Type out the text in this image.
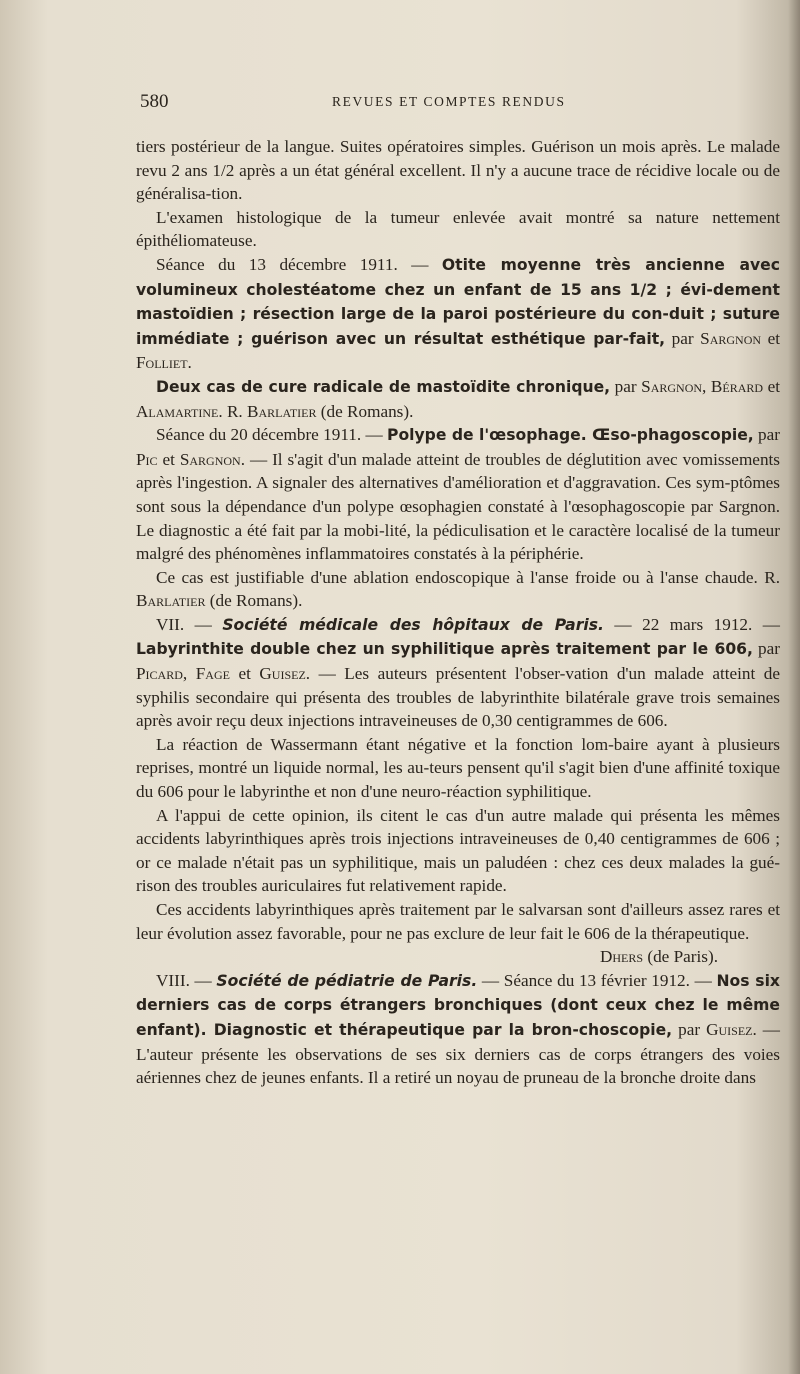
580	REVUES ET COMPTES RENDUS

tiers postérieur de la langue. Suites opératoires simples. Guérison un mois après. Le malade revu 2 ans 1/2 après a un état général excellent. Il n'y a aucune trace de récidive locale ou de généralisa-tion.

L'examen histologique de la tumeur enlevée avait montré sa nature nettement épithéliomateuse.

Séance du 13 décembre 1911. — Otite moyenne très ancienne avec volumineux cholestéatome chez un enfant de 15 ans 1/2 ; évi-dement mastoïdien ; résection large de la paroi postérieure du con-duit ; suture immédiate ; guérison avec un résultat esthétique par-fait, par Sargnon et Folliet.

Deux cas de cure radicale de mastoïdite chronique, par Sargnon, Bérard et Alamartine. R. Barlatier (de Romans).

Séance du 20 décembre 1911. — Polype de l'œsophage. Œso-phagoscopie, par Pic et Sargnon. — Il s'agit d'un malade atteint de troubles de déglutition avec vomissements après l'ingestion. A signaler des alternatives d'amélioration et d'aggravation. Ces sym-ptômes sont sous la dépendance d'un polype œsophagien constaté à l'œsophagoscopie par Sargnon. Le diagnostic a été fait par la mobi-lité, la pédiculisation et le caractère localisé de la tumeur malgré des phénomènes inflammatoires constatés à la périphérie.

Ce cas est justifiable d'une ablation endoscopique à l'anse froide ou à l'anse chaude. R. Barlatier (de Romans).

VII. — Société médicale des hôpitaux de Paris. — 22 mars 1912. — Labyrinthite double chez un syphilitique après traitement par le 606, par Picard, Fage et Guisez. — Les auteurs présentent l'obser-vation d'un malade atteint de syphilis secondaire qui présenta des troubles de labyrinthite bilatérale grave trois semaines après avoir reçu deux injections intraveineuses de 0,30 centigrammes de 606.

La réaction de Wassermann étant négative et la fonction lom-baire ayant à plusieurs reprises, montré un liquide normal, les au-teurs pensent qu'il s'agit bien d'une affinité toxique du 606 pour le labyrinthe et non d'une neuro-réaction syphilitique.

A l'appui de cette opinion, ils citent le cas d'un autre malade qui présenta les mêmes accidents labyrinthiques après trois injections intraveineuses de 0,40 centigrammes de 606 ; or ce malade n'était pas un syphilitique, mais un paludéen : chez ces deux malades la gué-rison des troubles auriculaires fut relativement rapide.

Ces accidents labyrinthiques après traitement par le salvarsan sont d'ailleurs assez rares et leur évolution assez favorable, pour ne pas exclure de leur fait le 606 de la thérapeutique.

Dhers (de Paris).

VIII. — Société de pédiatrie de Paris. — Séance du 13 février 1912. — Nos six derniers cas de corps étrangers bronchiques (dont ceux chez le même enfant). Diagnostic et thérapeutique par la bron-choscopie, par Guisez. — L'auteur présente les observations de ses six derniers cas de corps étrangers des voies aériennes chez de jeunes enfants. Il a retiré un noyau de pruneau de la bronche droite dans
